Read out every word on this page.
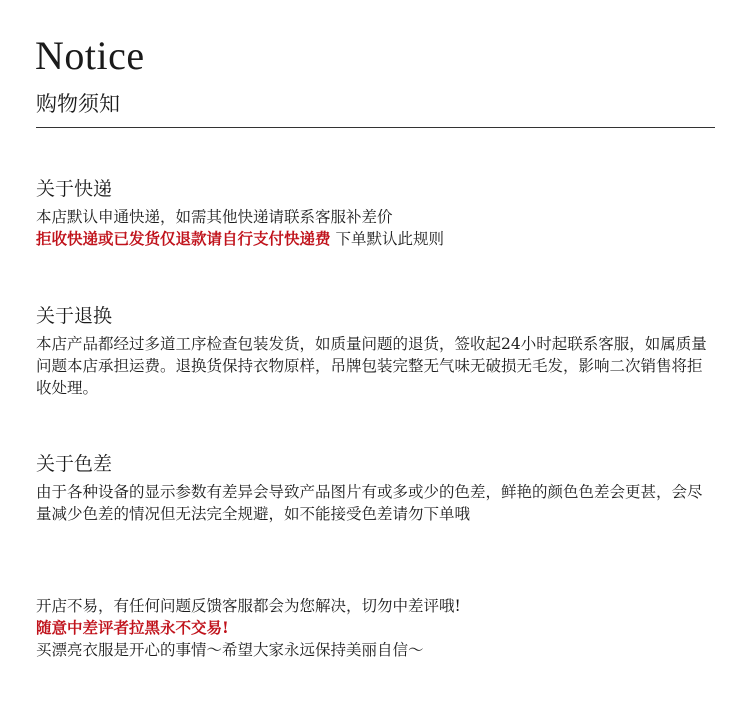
Notice

购物须知

关于快递

本店默认申通快递，如需其他快递请联系客服补差价

拒收快递或已发货仅退款请自行支付快递费 下单默认此规则

关于退换

本店产品都经过多道工序检查包装发货，如质量问题的退货，签收起24小时起联系客服，如属质量问题本店承担运费。退换货保持衣物原样，吊牌包装完整无气味无破损无毛发，影响二次销售将拒收处理。

关于色差

由于各种设备的显示参数有差异会导致产品图片有或多或少的色差，鲜艳的颜色色差会更甚，会尽量减少色差的情况但无法完全规避，如不能接受色差请勿下单哦

开店不易，有任何问题反馈客服都会为您解决，切勿中差评哦!

随意中差评者拉黑永不交易!

买漂亮衣服是开心的事情～希望大家永远保持美丽自信～
